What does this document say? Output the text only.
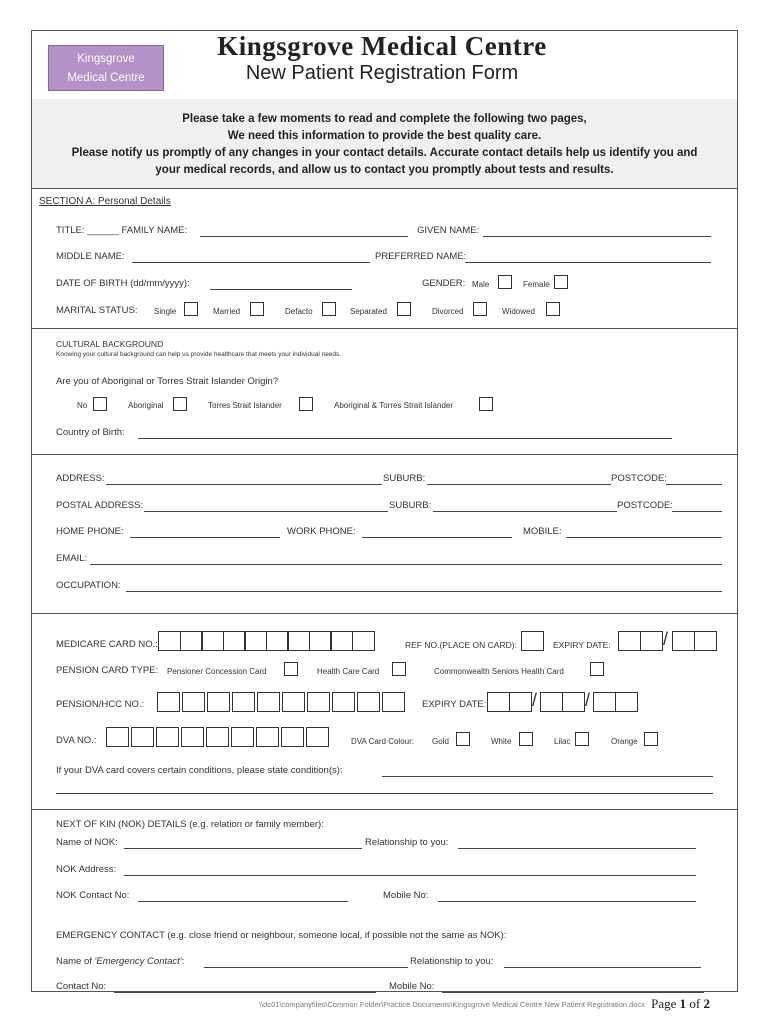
Kingsgrove
Medical Centre
Kingsgrove Medical Centre
New Patient Registration Form
Please take a few moments to read and complete the following two pages,
We need this information to provide the best quality care.
Please notify us promptly of any changes in your contact details. Accurate contact details help us identify you and
your medical records, and allow us to contact you promptly about tests and results.
SECTION A: Personal Details
TITLE: ______ FAMILY NAME:	GIVEN NAME:
MIDDLE NAME:	PREFERRED NAME:
DATE OF BIRTH (dd/mm/yyyy):	GENDER: Male	Female
MARITAL STATUS: Single	Married	Defacto	Separated	Divorced	Widowed
CULTURAL BACKGROUND
Knowing your cultural background can help us provide healthcare that meets your individual needs.
Are you of Aboriginal or Torres Strait Islander Origin?
No	Aboriginal	Torres Strait Islander	Aboriginal & Torres Strait Islander
Country of Birth:
ADDRESS:	SUBURB:	POSTCODE:
POSTAL ADDRESS:	SUBURB:	POSTCODE:
HOME PHONE:	WORK PHONE:	MOBILE:
EMAIL:
OCCUPATION:
MEDICARE CARD NO.:	REF NO.(PLACE ON CARD):	EXPIRY DATE:	/
PENSION CARD TYPE: Pensioner Concession Card	Health Care Card	Commonwealth Seniors Health Card
PENSION/HCC NO.:	EXPIRY DATE:	/	/
DVA NO.:	DVA Card Colour: Gold	White	Lilac	Orange
If your DVA card covers certain conditions, please state condition(s):
NEXT OF KIN (NOK) DETAILS (e.g. relation or family member):
Name of NOK:	Relationship to you:
NOK Address:
NOK Contact No:	Mobile No:
EMERGENCY CONTACT (e.g. close friend or neighbour, someone local, if possible not the same as NOK):
Name of 'Emergency Contact':	Relationship to you:
Contact No:	Mobile No:
\\dc01\companyfiles\Common Folder\Practice Documents\Kingsgrove Medical Centre New Patient Registration.docx Page 1 of 2
